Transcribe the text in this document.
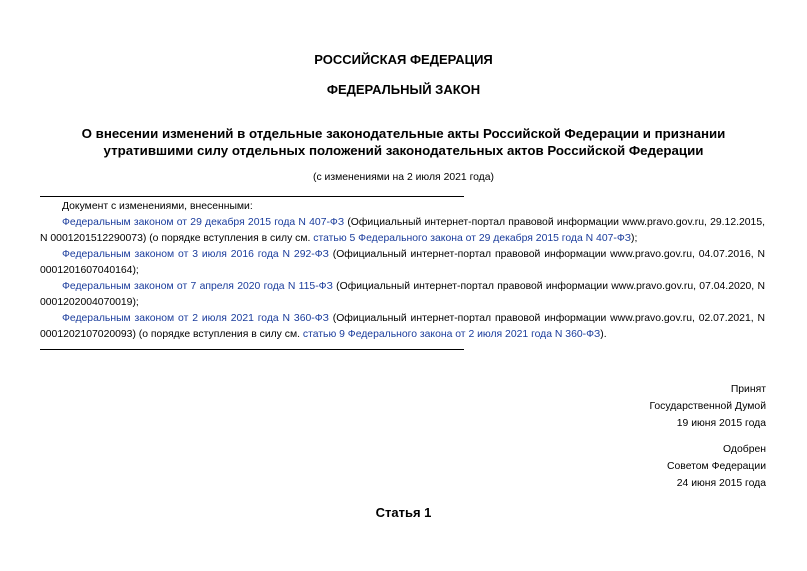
РОССИЙСКАЯ ФЕДЕРАЦИЯ
ФЕДЕРАЛЬНЫЙ ЗАКОН
О внесении изменений в отдельные законодательные акты Российской Федерации и признании
утратившими силу отдельных положений законодательных актов Российской Федерации
(с изменениями на 2 июля 2021 года)

Документ с изменениями, внесенными:

Федеральным законом от 29 декабря 2015 года N 407-ФЗ (Официальный интернет-портал правовой информации www.pravo.gov.ru, 29.12.2015, N 0001201512290073) (о порядке вступления в силу см. статью 5 Федерального закона от 29 декабря 2015 года N 407-ФЗ);

Федеральным законом от 3 июля 2016 года N 292-ФЗ (Официальный интернет-портал правовой информации www.pravo.gov.ru, 04.07.2016, N 0001201607040164);

Федеральным законом от 7 апреля 2020 года N 115-ФЗ (Официальный интернет-портал правовой информации www.pravo.gov.ru, 07.04.2020, N 0001202004070019);

Федеральным законом от 2 июля 2021 года N 360-ФЗ (Официальный интернет-портал правовой информации www.pravo.gov.ru, 02.07.2021, N 0001202107020093) (о порядке вступления в силу см. статью 9 Федерального закона от 2 июля 2021 года N 360-ФЗ).

Принят
Государственной Думой
19 июня 2015 года
Одобрен
Советом Федерации
24 июня 2015 года
Статья 1
